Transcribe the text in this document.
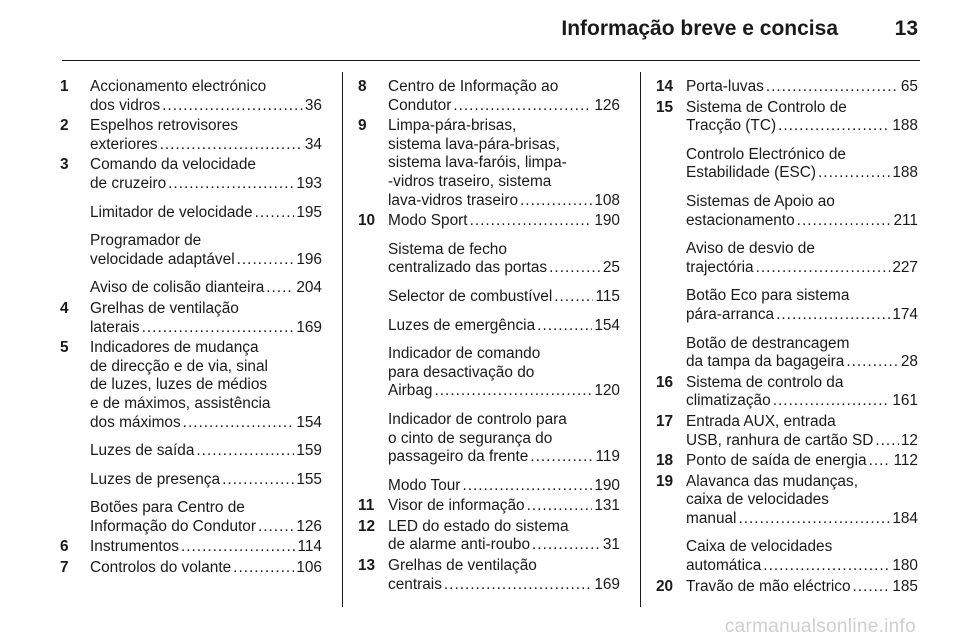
Informação breve e concisa	13
1 Accionamento electrónico
dos vidros .....	36
2 Espelhos retrovisores
exteriores .....	34
3 Comando da velocidade
de cruzeiro .....	193
Limitador de velocidade .....	195
Programador de
velocidade adaptável .....	196
Aviso de colisão dianteira ..... 204
4 Grelhas de ventilação
laterais .....	169
5 Indicadores de mudança
de direcção e de via, sinal
de luzes, luzes de médios
e de máximos, assistência
dos máximos .....	154
Luzes de saída .....	159
Luzes de presença .....	155
Botões para Centro de
Informação do Condutor .....	126
6 Instrumentos .....	114
7 Controlos do volante .....	106
8 Centro de Informação ao
Condutor .....	126
9 Limpa-pára-brisas,
sistema lava-pára-brisas,
sistema lava-faróis, limpa-
-vidros traseiro, sistema
lava-vidros traseiro .....	108
10 Modo Sport .....	190
Sistema de fecho
centralizado das portas .....	25
Selector de combustível .....	115
Luzes de emergência .....	154
Indicador de comando
para desactivação do
Airbag .....	120
Indicador de controlo para
o cinto de segurança do
passageiro da frente .....	119
Modo Tour .....	190
11 Visor de informação .....	131
12 LED do estado do sistema
de alarme anti-roubo .....	31
13 Grelhas de ventilação
centrais .....	169
14 Porta-luvas .....	65
15 Sistema de Controlo de
Tracção (TC) .....	188
Controlo Electrónico de
Estabilidade (ESC) .....	188
Sistemas de Apoio ao
estacionamento .....	211
Aviso de desvio de
trajectória .....	227
Botão Eco para sistema
pára-arranca .....	174
Botão de destrancagem
da tampa da bagageira .....	28
16 Sistema de controlo da
climatização .....	161
17 Entrada AUX, entrada
USB, ranhura de cartão SD ..... 12
18 Ponto de saída de energia ..... 112
19 Alavanca das mudanças,
caixa de velocidades
manual .....	184
Caixa de velocidades
automática .....	180
20 Travão de mão eléctrico .....	185
carmanualsonline.info
